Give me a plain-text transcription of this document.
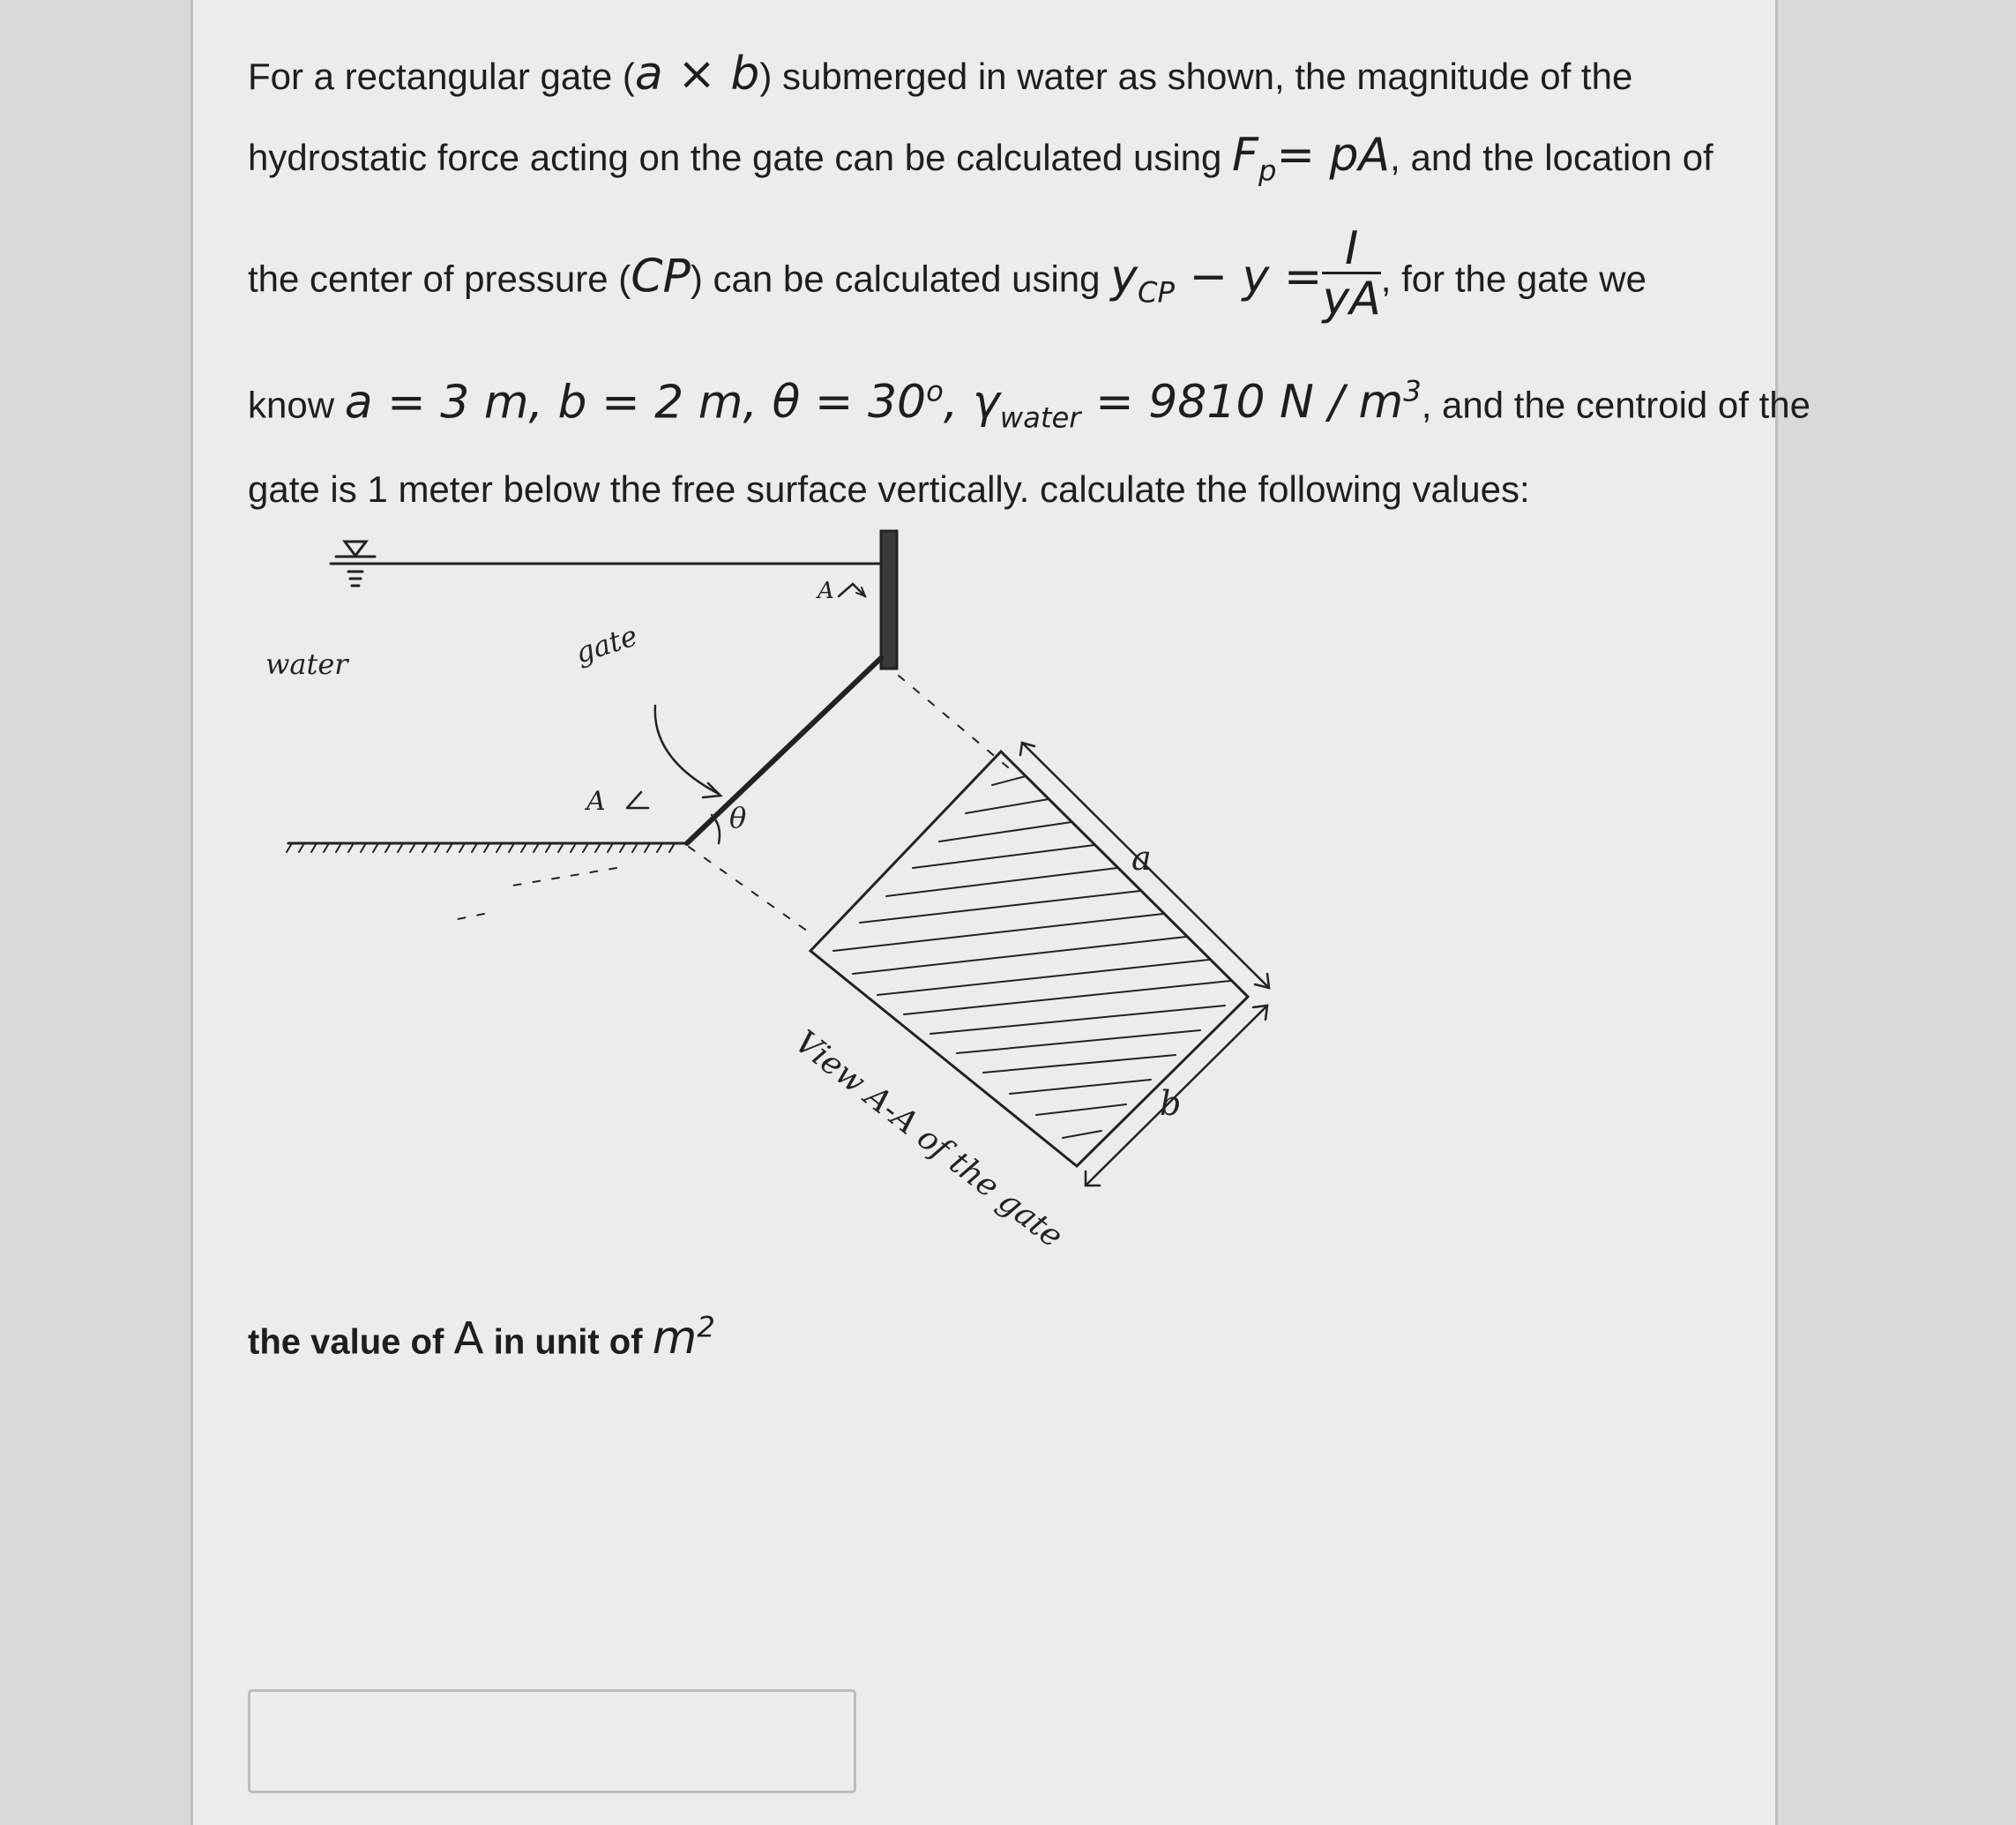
For a rectangular gate (a × b) submerged in water as shown, the magnitude of the
hydrostatic force acting on the gate can be calculated using $F_p=$ pA, and the location of
the center of pressure (CP) can be calculated using $y_{CP} - y = \frac{I}{yA}$ , for the gate we
know a = 3 m, b = 2 m, $\theta = 30^o$, $\gamma_{water} = 9810$ N / $m^3$, and the centroid of the
gate is 1 meter below the free surface vertically. calculate the following values:
water	gate
A
A	θ
a
b
View A-A of the gate
the value of A in unit of $m^2$
